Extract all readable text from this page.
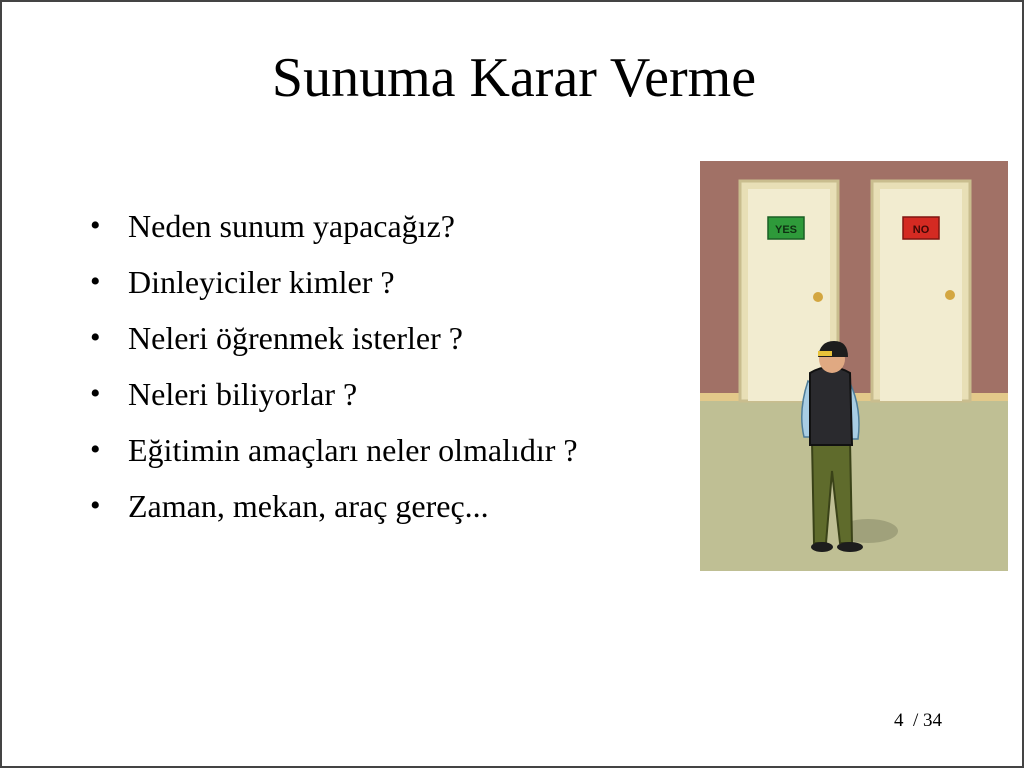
Sunuma Karar Verme
• Neden sunum yapacağız?
• Dinleyiciler kimler ?
• Neleri öğrenmek isterler ?
• Neleri biliyorlar ?
• Eğitimin amaçları neler olmalıdır ?
• Zaman, mekan, araç gereç...
YES	NO
4 / 34
